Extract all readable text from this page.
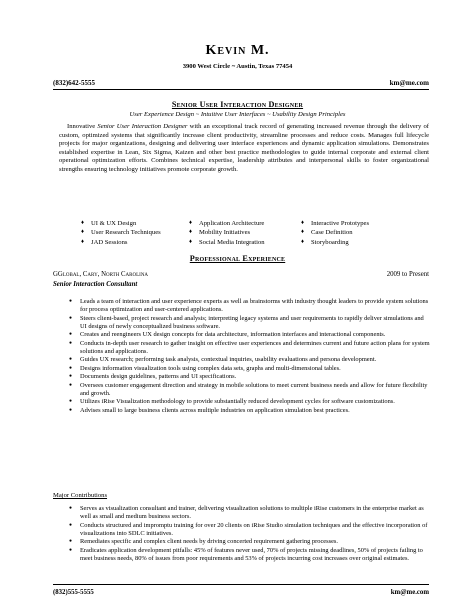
Kevin M.
3900 West Circle ~ Austin, Texas 77454
(832)642-5555	km@me.com
Senior User Interaction Designer
User Experience Design ~ Intuitive User Interfaces ~ Usability Design Principles
Innovative Senior User Interaction Designer with an exceptional track record of generating increased revenue through the delivery of custom, optimized systems that significantly increase client productivity, streamline processes and reduce costs. Manages full lifecycle projects for major organizations, designing and delivering user interface experiences and dynamic application simulations. Demonstrates established expertise in Lean, Six Sigma, Kaizen and other best practice methodologies to guide internal corporate and external client operational optimization efforts. Combines technical expertise, leadership attributes and interpersonal skills to foster organizational strengths ensuring technology initiatives promote corporate growth.
♦ UI & UX Design	♦ Application Architecture	♦ Interactive Prototypes
♦ User Research Techniques	♦ Mobility Initiatives	♦ Case Definition
♦ JAD Sessions	♦ Social Media Integration	♦ Storyboarding
Professional Experience
GGlobal, Cary, North Carolina	2009 to Present
Senior Interaction Consultant
● Leads a team of interaction and user experience experts as well as brainstorms with industry thought leaders to provide system solutions for process optimization and user-centered applications.
● Steers client-based, project research and analysis; interpreting legacy systems and user requirements to rapidly deliver simulations and UI designs of newly conceptualized business software.
● Creates and reengineers UX design concepts for data architecture, information interfaces and interactional components.
● Conducts in-depth user research to gather insight on effective user experiences and determines current and future action plans for system solutions and applications.
● Guides UX research; performing task analysis, contextual inquiries, usability evaluations and persona development.
● Designs information visualization tools using complex data sets, graphs and multi-dimensional tables.
● Documents design guidelines, patterns and UI specifications.
● Oversees customer engagement direction and strategy in mobile solutions to meet current business needs and allow for future flexibility and growth.
● Utilizes iRise Visualization methodology to provide substantially reduced development cycles for software customizations.
● Advises small to large business clients across multiple industries on application simulation best practices.
Major Contributions
● Serves as visualization consultant and trainer, delivering visualization solutions to multiple iRise customers in the enterprise market as well as small and medium business sectors.
● Conducts structured and impromptu training for over 20 clients on iRise Studio simulation techniques and the effective incorporation of visualizations into SDLC initiatives.
● Remediates specific and complex client needs by driving concerted requirement gathering processes.
● Eradicates application development pitfalls: 45% of features never used, 70% of projects missing deadlines, 50% of projects failing to meet business needs, 80% of issues from poor requirements and 53% of projects incurring cost increases over original estimates.
(832)555-5555	km@me.com
